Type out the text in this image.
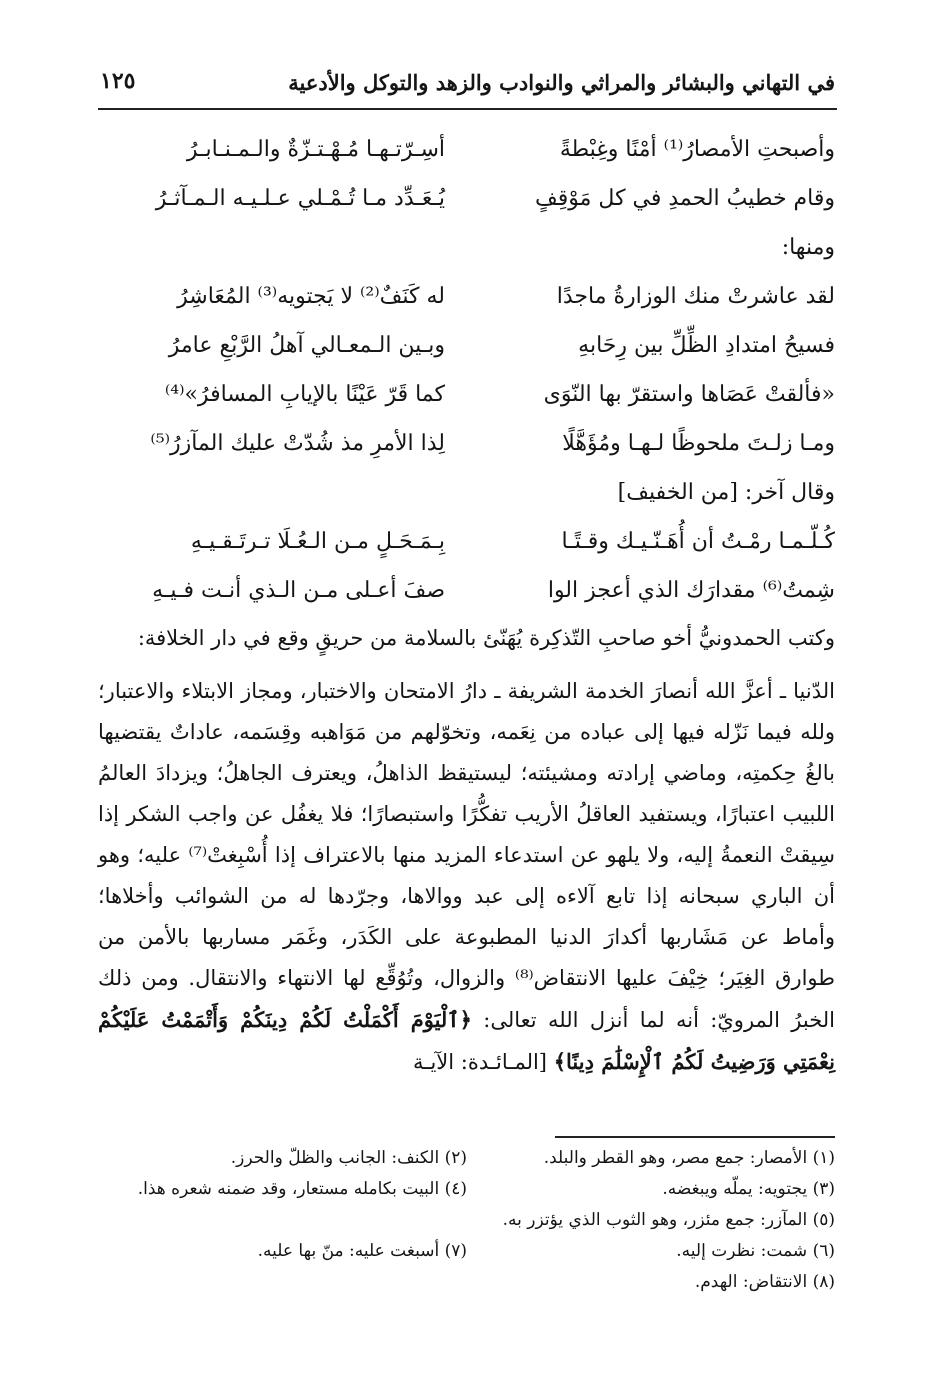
في التهاني والبشائر والمراثي والنوادب والزهد والتوكل والأدعية
١٢٥
وأصبحتِ الأمصارُ⁽¹⁾ أمْنًا وغِبْطةً
أسِـرّتـهـا مُـهْـتـزّةٌ والـمـنـابـرُ
وقام خطيبُ الحمدِ في كل مَوْقِفٍ
يُـعَـدِّد مـا تُـمْـلي عـلـيـه الـمـآثـرُ
ومنها:
لقد عاشرتْ منك الوزارةُ ماجدًا
له كَنَفٌ⁽²⁾ لا يَجتويه⁽³⁾ المُعَاشِرُ
فسيحُ امتدادِ الظِّلِّ بين رِحَابهِ
وبـين الـمعـالي آهلُ الرَّبْعِ عامرُ
«فألقتْ عَصَاها واستقرّ بها النّوَى
كما قَرّ عَيْنًا بالإيابِ المسافرُ»⁽⁴⁾
ومـا زلـتَ ملحوظًا لـهـا ومُؤَهَّلًا
لِذا الأمرِ مذ شُدّتْ عليك المآزرُ⁽⁵⁾
وقال آخر: [من الخفيف]
كُـلّـمـا رمْـتُ أن أُهَـنّـيـك وقـتًـا
بِـمَـحَـلٍ مـن الـعُـلَا تـرتَـقـيـهِ
شِمتُ⁽⁶⁾ مقدارَك الذي أعجز الوا
صفَ أعـلى مـن الـذي أنـت فـيـهِ

وكتب الحمدونيُّ أخو صاحبِ التّذكِرة يُهَنّئ بالسلامة من حريقٍ وقع في دار الخلافة:

الدّنيا ـ أعزَّ الله أنصارَ الخدمة الشريفة ـ دارُ الامتحان والاختبار، ومجاز الابتلاء والاعتبار؛ ولله فيما نَزّله فيها إلى عباده من نِعَمه، وتخوّلهم من مَوَاهبه وقِسَمه، عاداتٌ يقتضيها بالغُ حِكمتِه، وماضي إرادته ومشيئته؛ ليستيقظ الذاهلُ، ويعترف الجاهلُ؛ ويزدادَ العالمُ اللبيب اعتبارًا، ويستفيد العاقلُ الأريب تفكُّرًا واستبصارًا؛ فلا يغفُل عن واجب الشكر إذا سِيقتْ النعمةُ إليه، ولا يلهو عن استدعاء المزيد منها بالاعتراف إذا أُسْبِغتْ⁽⁷⁾ عليه؛ وهو أن الباري سبحانه إذا تابع آلاءه إلى عبد ووالاها، وجرّدها له من الشوائب وأخلاها؛ وأماط عن مَشَاربها أكدارَ الدنيا المطبوعة على الكَدَر، وغَمَر مساربها بالأمن من طوارق الغِيَر؛ خِيْفَ عليها الانتقاض⁽⁸⁾ والزوال، وتُوُقِّع لها الانتهاء والانتقال. ومن ذلك الخبرُ المرويّ: أنه لما أنزل الله تعالى: ﴿ٱلْيَوْمَ أَكْمَلْتُ لَكُمْ دِينَكُمْ وَأَتْمَمْتُ عَلَيْكُمْ نِعْمَتِي وَرَضِيتُ لَكُمُ ٱلْإِسْلَٰمَ دِينًا﴾ [المـائـدة: الآيـة

(١) الأمصار: جمع مصر، وهو القطر والبلد.
(٢) الكنف: الجانب والظلّ والحرز.
(٣) يجتويه: يملّه ويبغضه.
(٤) البيت بكامله مستعار، وقد ضمنه شعره هذا.
(٥) المآزر: جمع مئزر، وهو الثوب الذي يؤتزر به.
(٦) شمت: نظرت إليه.
(٧) أسبغت عليه: منّ بها عليه.
(٨) الانتقاض: الهدم.
